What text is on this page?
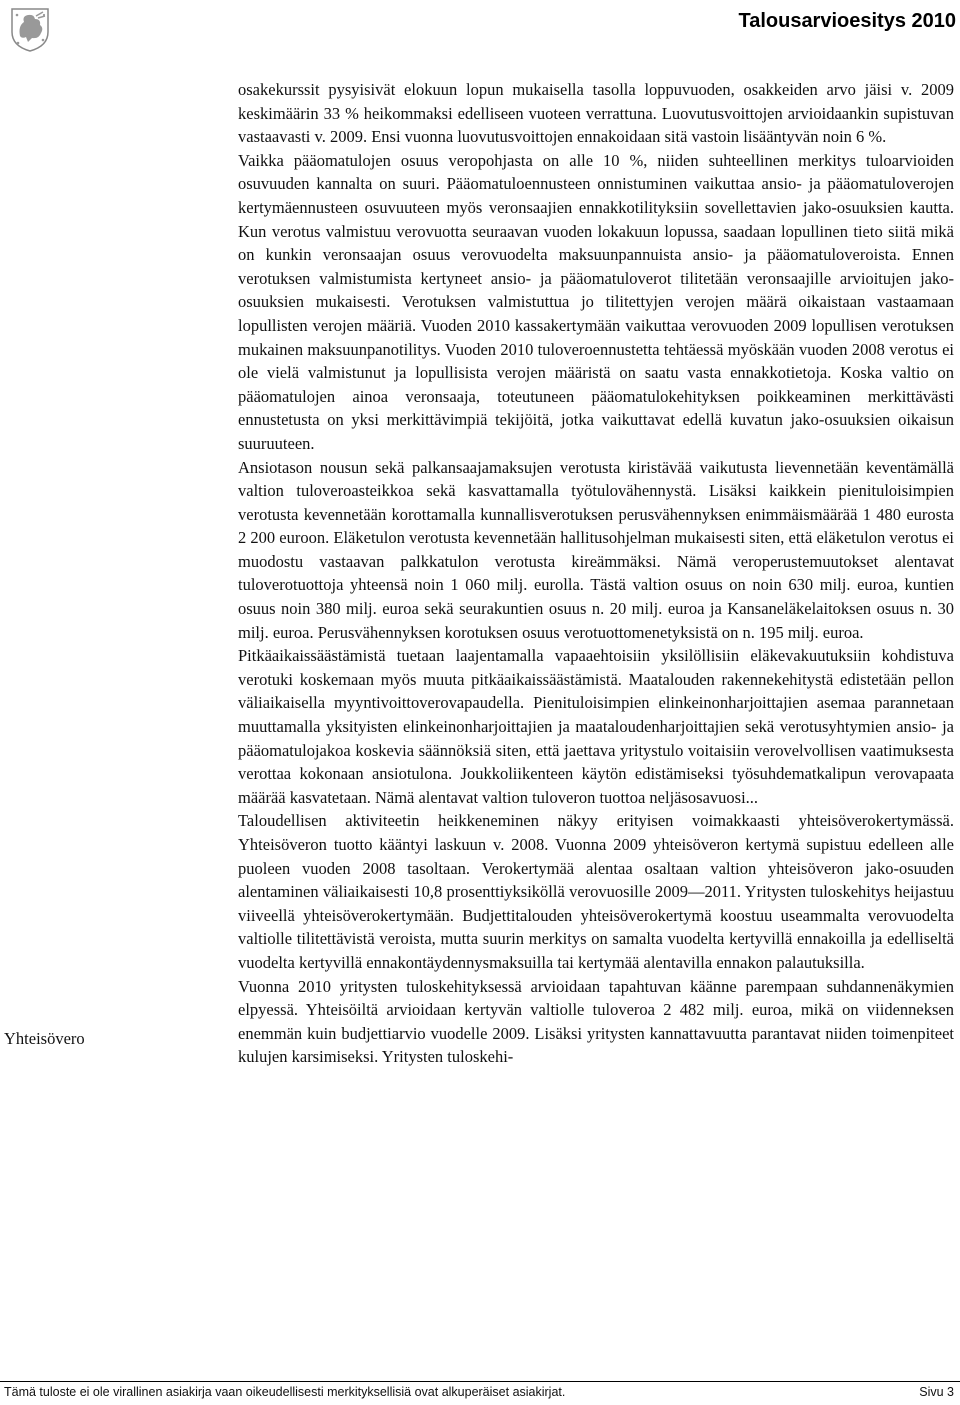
Talousarvioesitys 2010

osakekurssit pysyisivät elokuun lopun mukaisella tasolla loppuvuoden, osakkeiden arvo jäisi v. 2009 keskimäärin 33 % heikommaksi edelliseen vuoteen verrattuna. Luovutusvoittojen arvioidaankin supistuvan vastaavasti v. 2009. Ensi vuonna luovutusvoittojen ennakoidaan sitä vastoin lisääntyvän noin 6 %.

Vaikka pääomatulojen osuus veropohjasta on alle 10 %, niiden suhteellinen merkitys tuloarvioiden osuvuuden kannalta on suuri. Pääomatuloennusteen onnistuminen vaikuttaa ansio- ja pääomatuloverojen kertymäennusteen osuvuuteen myös veronsaajien ennakkotilityksiin sovellettavien jako-osuuksien kautta. Kun verotus valmistuu verovuotta seuraavan vuoden lokakuun lopussa, saadaan lopullinen tieto siitä mikä on kunkin veronsaajan osuus verovuodelta maksuunpannuista ansio- ja pääomatuloveroista. Ennen verotuksen valmistumista kertyneet ansio- ja pääomatuloverot tilitetään veronsaajille arvioitujen jako-osuuksien mukaisesti. Verotuksen valmistuttua jo tilitettyjen verojen määrä oikaistaan vastaamaan lopullisten verojen määriä. Vuoden 2010 kassakertymään vaikuttaa verovuoden 2009 lopullisen verotuksen mukainen maksuunpanotilitys. Vuoden 2010 tuloveroennustetta tehtäessä myöskään vuoden 2008 verotus ei ole vielä valmistunut ja lopullisista verojen määristä on saatu vasta ennakkotietoja. Koska valtio on pääomatulojen ainoa veronsaaja, toteutuneen pääomatulokehityksen poikkeaminen merkittävästi ennustetusta on yksi merkittävimpiä tekijöitä, jotka vaikuttavat edellä kuvatun jako-osuuksien oikaisun suuruuteen.

Ansiotason nousun sekä palkansaajamaksujen verotusta kiristävää vaikutusta lievennetään keventämällä valtion tuloveroasteikkoa sekä kasvattamalla työtulovähennystä. Lisäksi kaikkein pienituloisimpien verotusta kevennetään korottamalla kunnallisverotuksen perusvähennyksen enimmäismäärää 1 480 eurosta 2 200 euroon. Eläketulon verotusta kevennetään hallitusohjelman mukaisesti siten, että eläketulon verotus ei muodostu vastaavan palkkatulon verotusta kireämmäksi. Nämä veroperustemuutokset alentavat tuloverotuottoja yhteensä noin 1 060 milj. eurolla. Tästä valtion osuus on noin 630 milj. euroa, kuntien osuus noin 380 milj. euroa sekä seurakuntien osuus n. 20 milj. euroa ja Kansaneläkelaitoksen osuus n. 30 milj. euroa. Perusvähennyksen korotuksen osuus verotuottomenetyksistä on n. 195 milj. euroa.

Pitkäaikaissäästämistä tuetaan laajentamalla vapaaehtoisiin yksilöllisiin eläkevakuutuksiin kohdistuva verotuki koskemaan myös muuta pitkäaikaissäästämistä. Maatalouden rakennekehitystä edistetään pellon väliaikaisella myyntivoittoverovapaudella. Pienituloisimpien elinkeinonharjoittajien asemaa parannetaan muuttamalla yksityisten elinkeinonharjoittajien ja maataloudenharjoittajien sekä verotusyhtymien ansio- ja pääomatulojakoa koskevia säännöksiä siten, että jaettava yritystulo voitaisiin verovelvollisen vaatimuksesta verottaa kokonaan ansiotulona. Joukkoliikenteen käytön edistämiseksi työsuhdematkalipun verovapaata määrää kasvatetaan. Nämä alentavat valtion tuloveron tuottoa neljäsosavuosi...

Taloudellisen aktiviteetin heikkeneminen näkyy erityisen voimakkaasti yhteisöverokertymässä. Yhteisöveron tuotto kääntyi laskuun v. 2008. Vuonna 2009 yhteisöveron kertymä supistuu edelleen alle puoleen vuoden 2008 tasoltaan. Verokertymää alentaa osaltaan valtion yhteisöveron jako-osuuden alentaminen väliaikaisesti 10,8 prosenttiyksiköllä verovuosille 2009—2011. Yritysten tuloskehitys heijastuu viiveellä yhteisöverokertymään. Budjettitalouden yhteisöverokertymä koostuu useammalta verovuodelta valtiolle tilitettävistä veroista, mutta suurin merkitys on samalta vuodelta kertyvillä ennakoilla ja edelliseltä vuodelta kertyvillä ennakontäydennysmaksuilla tai kertymää alentavilla ennakon palautuksilla.

Vuonna 2010 yritysten tuloskehityksessä arvioidaan tapahtuvan käänne parempaan suhdannenäkymien elpyessä. Yhteisöiltä arvioidaan kertyvän valtiolle tuloveroa 2 482 milj. euroa, mikä on viidenneksen enemmän kuin budjettiarvio vuodelle 2009. Lisäksi yritysten kannattavuutta parantavat niiden toimenpiteet kulujen karsimiseksi. Yritysten tuloskehi-

Yhteisövero
Tämä tuloste ei ole virallinen asiakirja vaan oikeudellisesti merkityksellisiä ovat alkuperäiset asiakirjat.	Sivu 3
